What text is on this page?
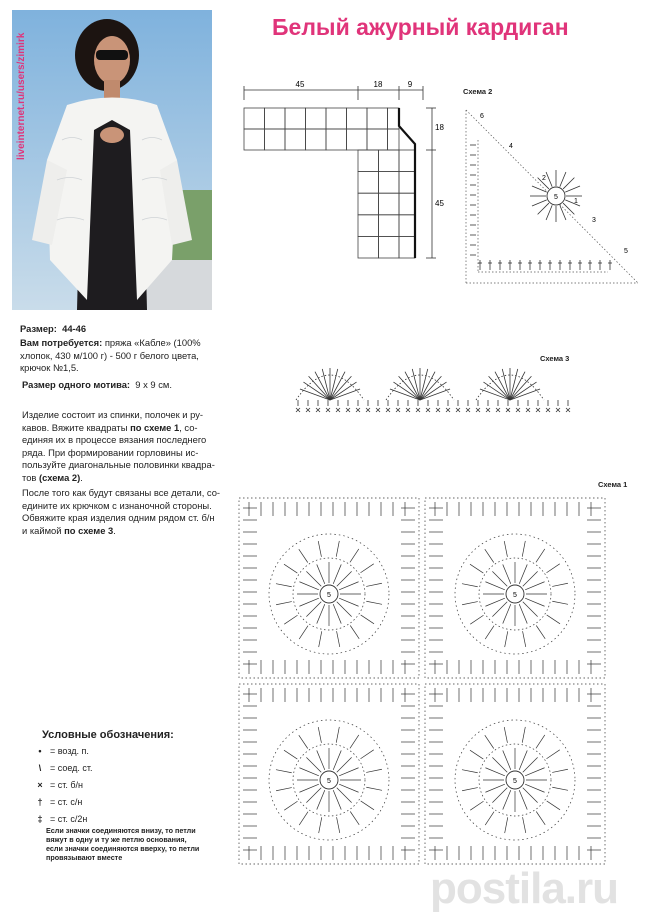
Белый ажурный кардиган
liveinternet.ru/users/zimirk
Размер: 44-46
Вам потребуется: пряжа «Кабле» (100%
хлопок, 430 м/100 г) - 500 г белого цвета,
крючок №1,5.
Размер одного мотива: 9 х 9 см.
Изделие состоит из спинки, полочек и ру-
кавов. Вяжите квадраты по схеме 1, со-
единяя их в процессе вязания последнего
ряда. При формировании горловины ис-
пользуйте диагональные половинки квадра-
тов (схема 2).
После того как будут связаны все детали, со-
едините их крючком с изнаночной стороны.
Обвяжите края изделия одним рядом ст. б/н
и каймой по схеме 3.
45	18	9
18
45
Схема 2
5
1
2
3
4
5
6
Схема 3
Схема 1
5	5
5	5
Условные обозначения:
• = возд. п.
\ = соед. ст.
× = ст. б/н
† = ст. с/н
‡ = ст. с/2н
Если значки соединяются внизу, то петли
вяжут в одну и ту же петлю основания,
если значки соединяются вверху, то петли
провязывают вместе
postila.ru
